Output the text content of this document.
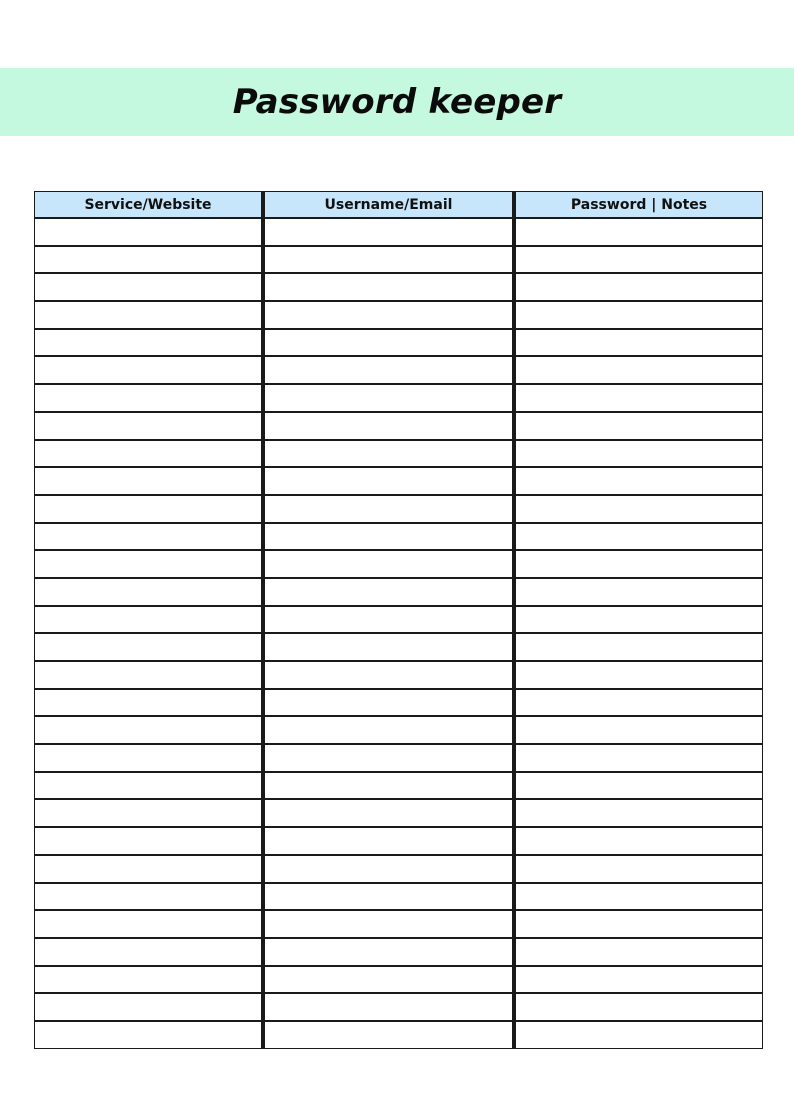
Password keeper
Service/Website	Username/Email	Password | Notes
